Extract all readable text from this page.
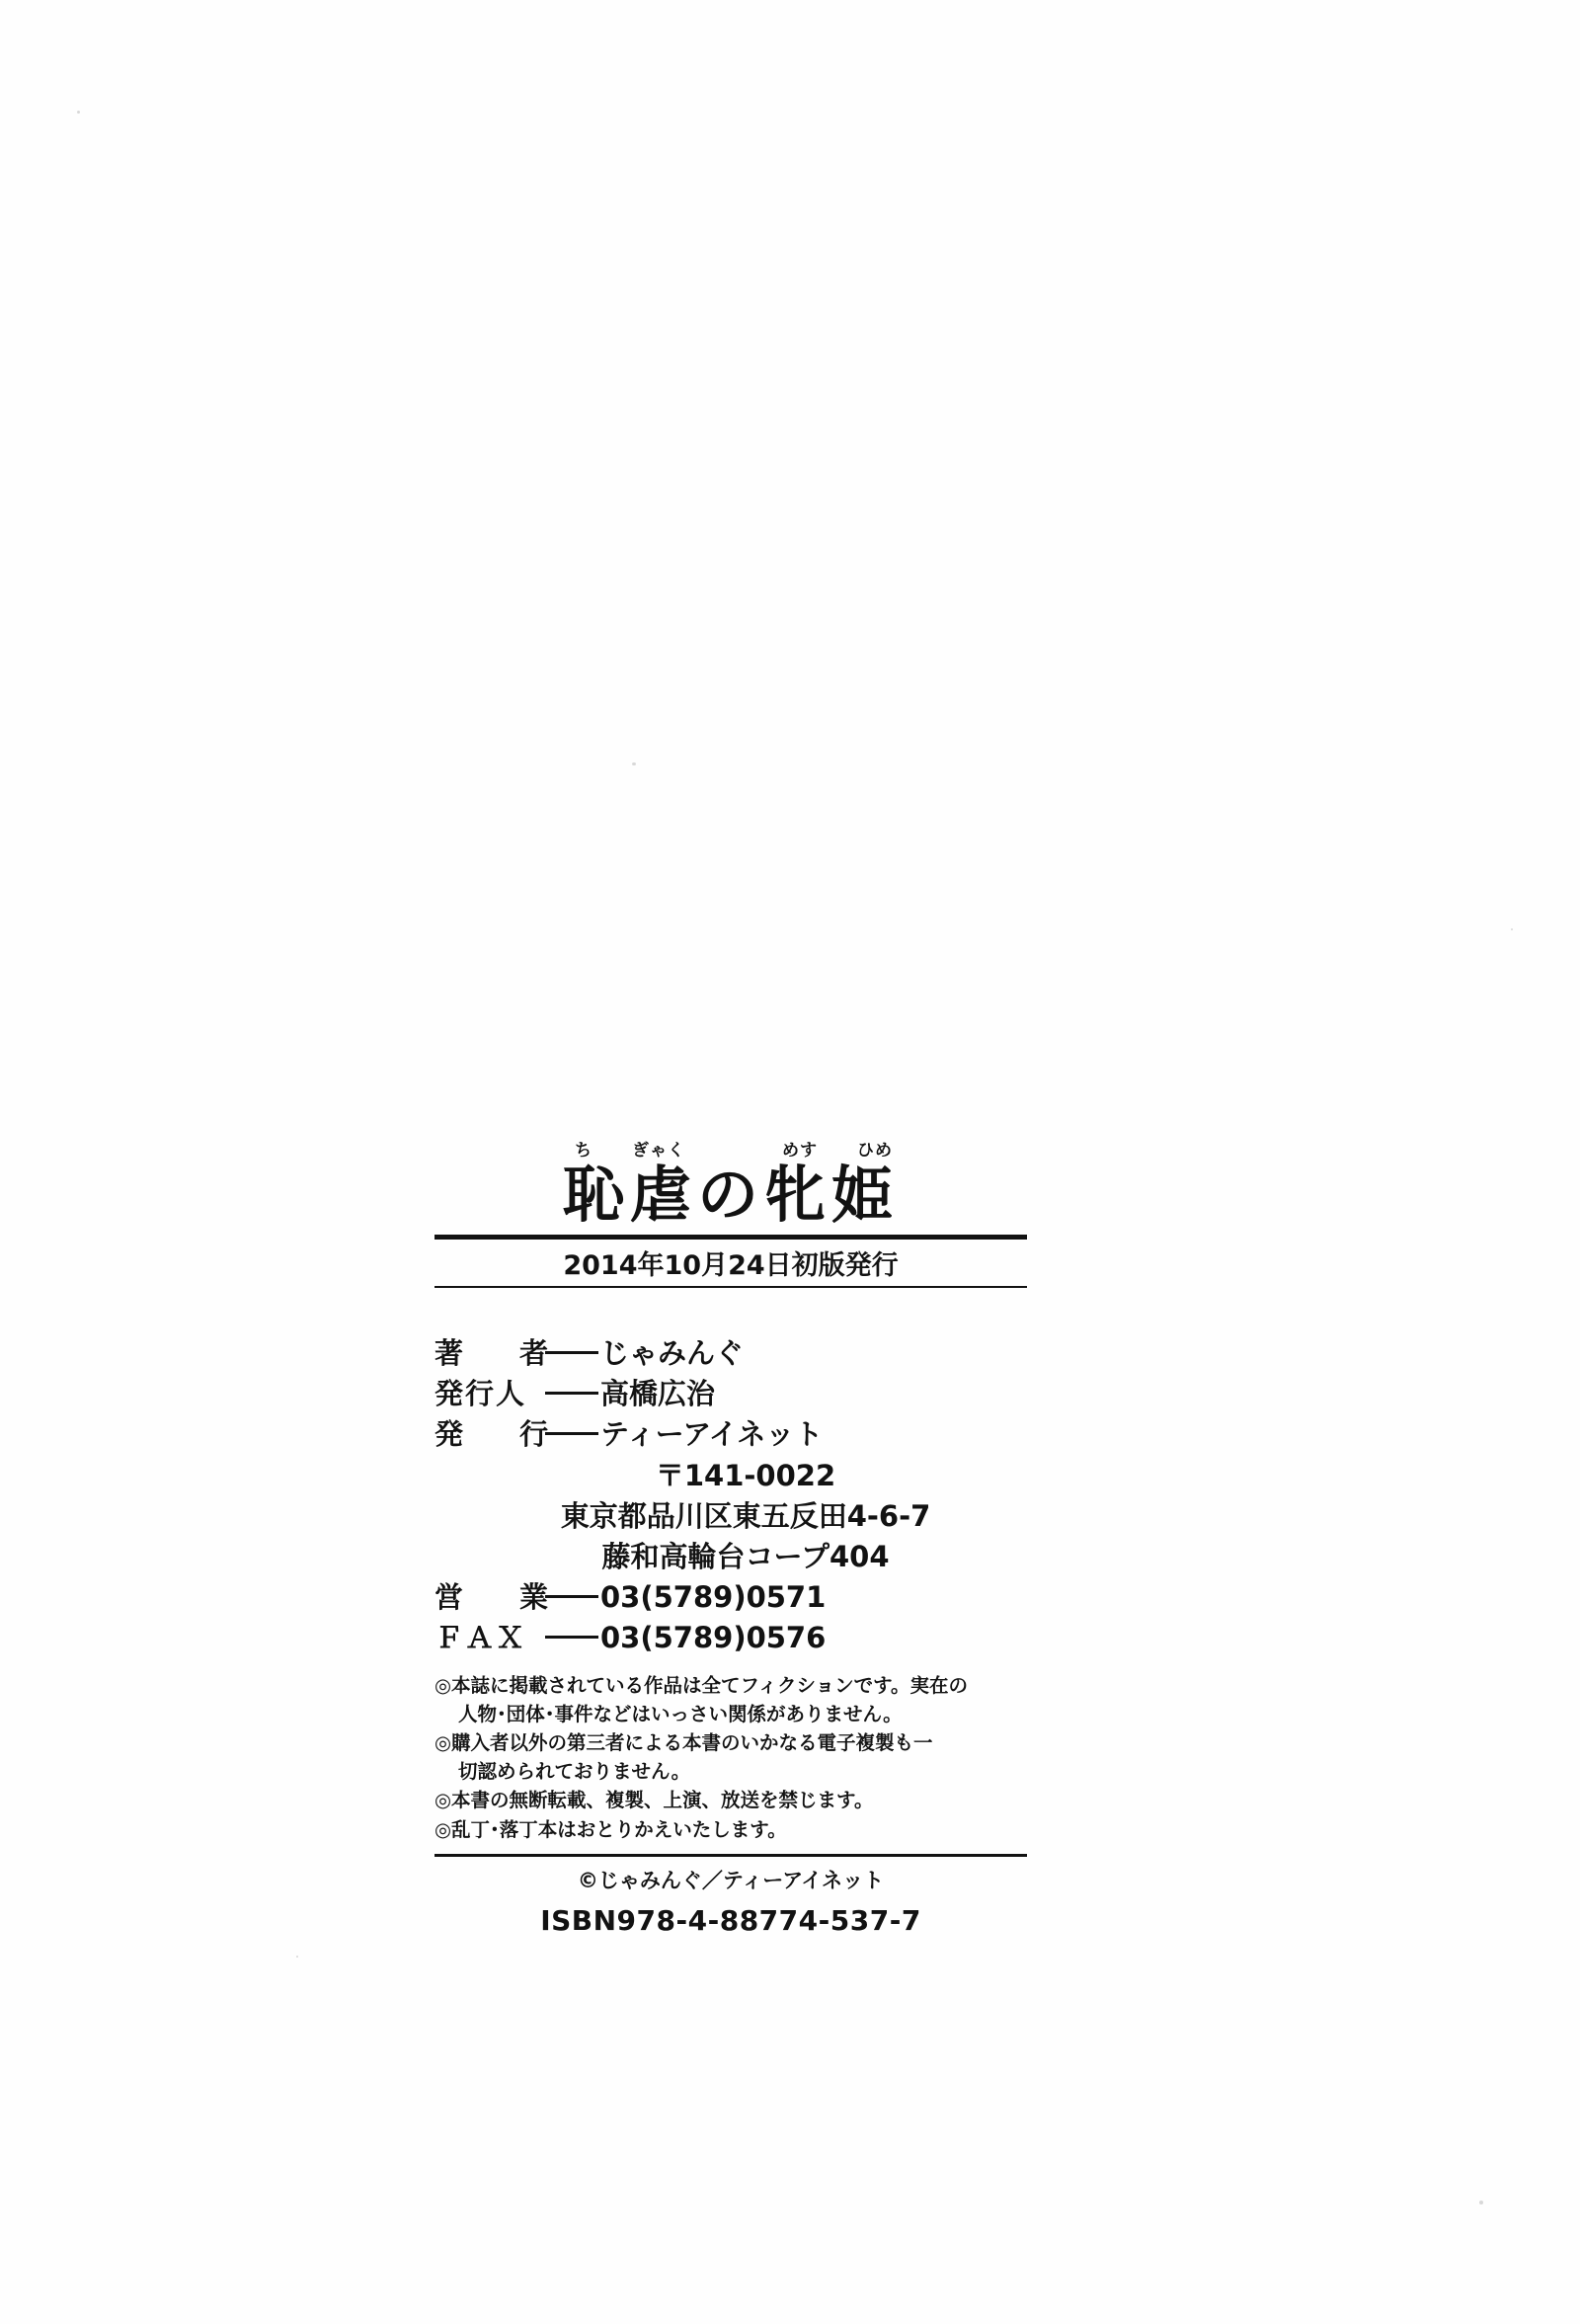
ち ぎゃく	めす ひめ
恥虐の牝姫
2014年10月24日初版発行
著　者 じゃみんぐ
発行人	高橋広治
発　行 ティーアイネット
〒141-0022
東京都品川区東五反田4-6-7
藤和高輪台コープ404
営　業 03(5789)0571
ＦＡＸ	03(5789)0576
◎本誌に掲載されている作品は全てフィクションです。実在の
人物･団体･事件などはいっさい関係がありません。
◎購入者以外の第三者による本書のいかなる電子複製も一
切認められておりません。
◎本書の無断転載、複製、上演、放送を禁じます。
◎乱丁･落丁本はおとりかえいたします。
©じゃみんぐ／ティーアイネット
ISBN978-4-88774-537-7
